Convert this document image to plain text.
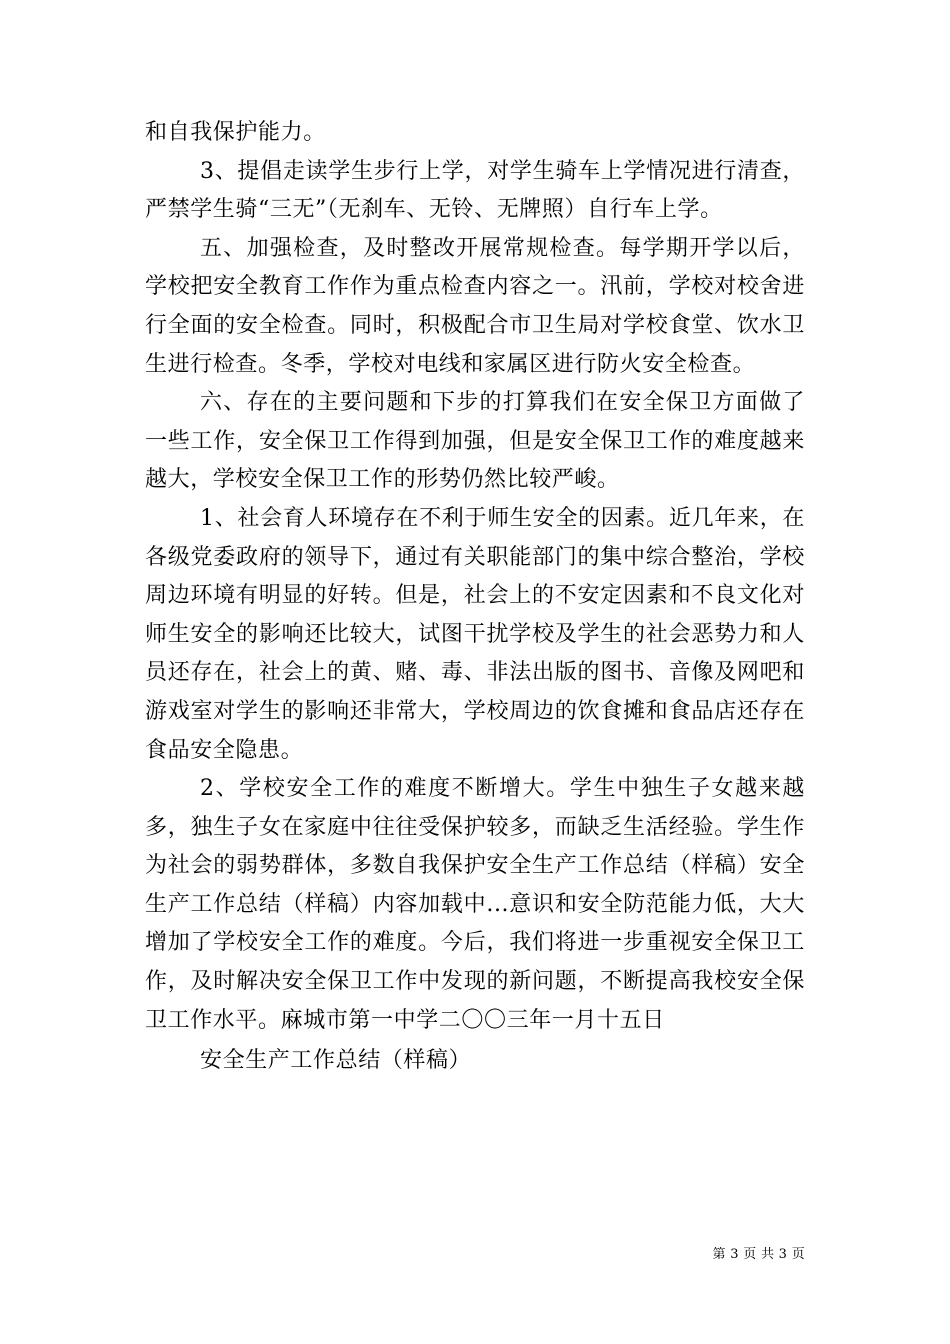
和自我保护能力。

3、提倡走读学生步行上学，对学生骑车上学情况进行清查，严禁学生骑“三无”（无刹车、无铃、无牌照）自行车上学。

五、加强检查，及时整改开展常规检查。每学期开学以后，学校把安全教育工作作为重点检查内容之一。汛前，学校对校舍进行全面的安全检查。同时，积极配合市卫生局对学校食堂、饮水卫生进行检查。冬季，学校对电线和家属区进行防火安全检查。

六、存在的主要问题和下步的打算我们在安全保卫方面做了一些工作，安全保卫工作得到加强，但是安全保卫工作的难度越来越大，学校安全保卫工作的形势仍然比较严峻。

1、社会育人环境存在不利于师生安全的因素。近几年来，在各级党委政府的领导下，通过有关职能部门的集中综合整治，学校周边环境有明显的好转。但是，社会上的不安定因素和不良文化对师生安全的影响还比较大，试图干扰学校及学生的社会恶势力和人员还存在，社会上的黄、赌、毒、非法出版的图书、音像及网吧和游戏室对学生的影响还非常大，学校周边的饮食摊和食品店还存在食品安全隐患。

2、学校安全工作的难度不断增大。学生中独生子女越来越多，独生子女在家庭中往往受保护较多，而缺乏生活经验。学生作为社会的弱势群体，多数自我保护安全生产工作总结（样稿）安全生产工作总结（样稿）内容加载中...意识和安全防范能力低，大大增加了学校安全工作的难度。今后，我们将进一步重视安全保卫工作，及时解决安全保卫工作中发现的新问题，不断提高我校安全保卫工作水平。麻城市第一中学二〇〇三年一月十五日

安全生产工作总结（样稿）

第 3 页 共 3 页
